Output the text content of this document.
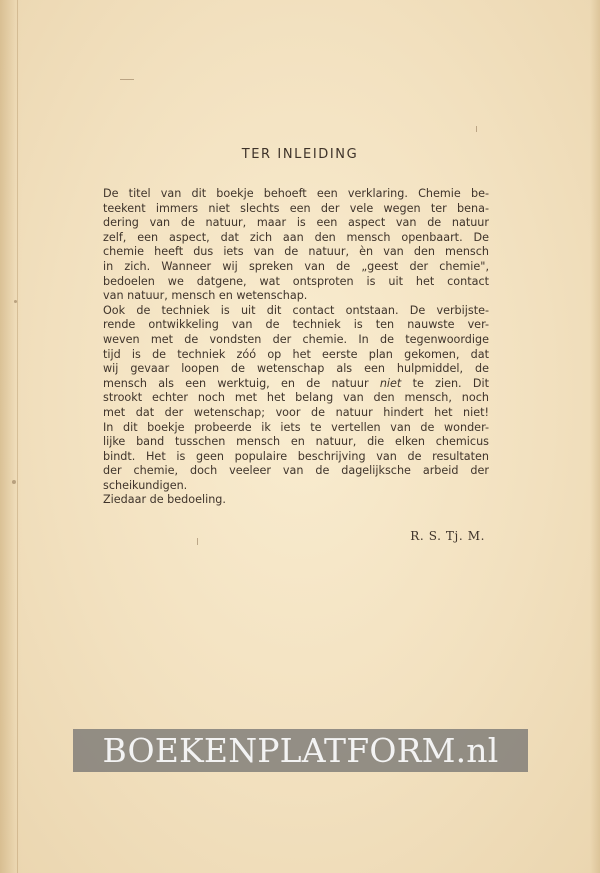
TER INLEIDING
De titel van dit boekje behoeft een verklaring. Chemie be-
teekent immers niet slechts een der vele wegen ter bena-
dering van de natuur, maar is een aspect van de natuur
zelf, een aspect, dat zich aan den mensch openbaart. De
chemie heeft dus iets van de natuur, èn van den mensch
in zich. Wanneer wij spreken van de „geest der chemie",
bedoelen we datgene, wat ontsproten is uit het contact
van natuur, mensch en wetenschap.
Ook de techniek is uit dit contact ontstaan. De verbijste-
rende ontwikkeling van de techniek is ten nauwste ver-
weven met de vondsten der chemie. In de tegenwoordige
tijd is de techniek zóó op het eerste plan gekomen, dat
wij gevaar loopen de wetenschap als een hulpmiddel, de
mensch als een werktuig, en de natuur niet te zien. Dit
strookt echter noch met het belang van den mensch, noch
met dat der wetenschap; voor de natuur hindert het niet!
In dit boekje probeerde ik iets te vertellen van de wonder-
lijke band tusschen mensch en natuur, die elken chemicus
bindt. Het is geen populaire beschrijving van de resultaten
der chemie, doch veeleer van de dagelijksche arbeid der
scheikundigen.
Ziedaar de bedoeling.
R. S. Tj. M.
BOEKENPLATFORM.nl
